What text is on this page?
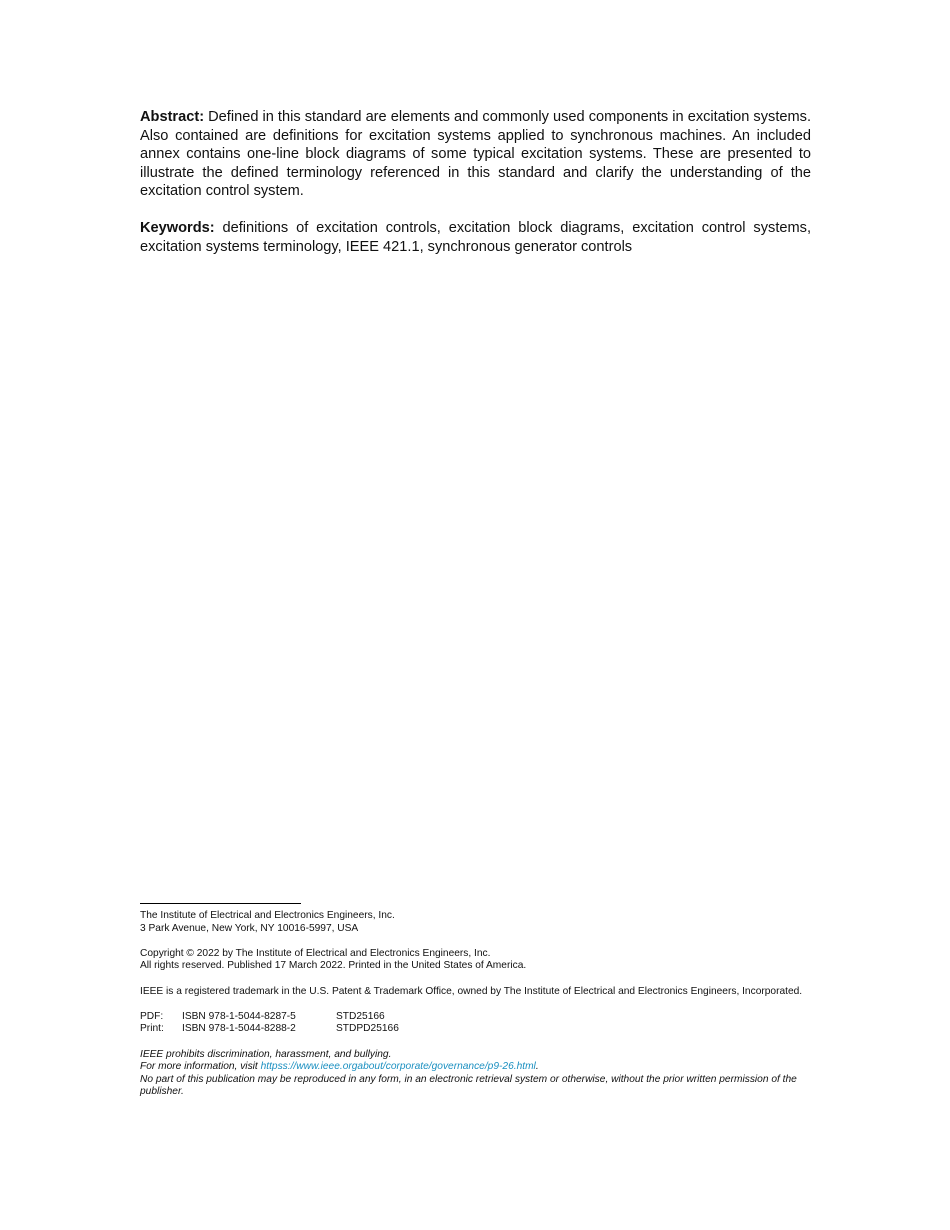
Abstract: Defined in this standard are elements and commonly used components in excitation systems. Also contained are definitions for excitation systems applied to synchronous machines. An included annex contains one-line block diagrams of some typical excitation systems. These are presented to illustrate the defined terminology referenced in this standard and clarify the understanding of the excitation control system.

Keywords: definitions of excitation controls, excitation block diagrams, excitation control systems, excitation systems terminology, IEEE 421.1, synchronous generator controls

The Institute of Electrical and Electronics Engineers, Inc.
3 Park Avenue, New York, NY 10016-5997, USA

Copyright © 2022 by The Institute of Electrical and Electronics Engineers, Inc.
All rights reserved. Published 17 March 2022. Printed in the United States of America.

IEEE is a registered trademark in the U.S. Patent & Trademark Office, owned by The Institute of Electrical and Electronics Engineers, Incorporated.

PDF:	ISBN 978-1-5044-8287-5	STD25166
Print:	ISBN 978-1-5044-8288-2	STDPD25166

IEEE prohibits discrimination, harassment, and bullying.
For more information, visit httpss://www.ieee.orgabout/corporate/governance/p9-26.html.
No part of this publication may be reproduced in any form, in an electronic retrieval system or otherwise, without the prior written permission of the publisher.
